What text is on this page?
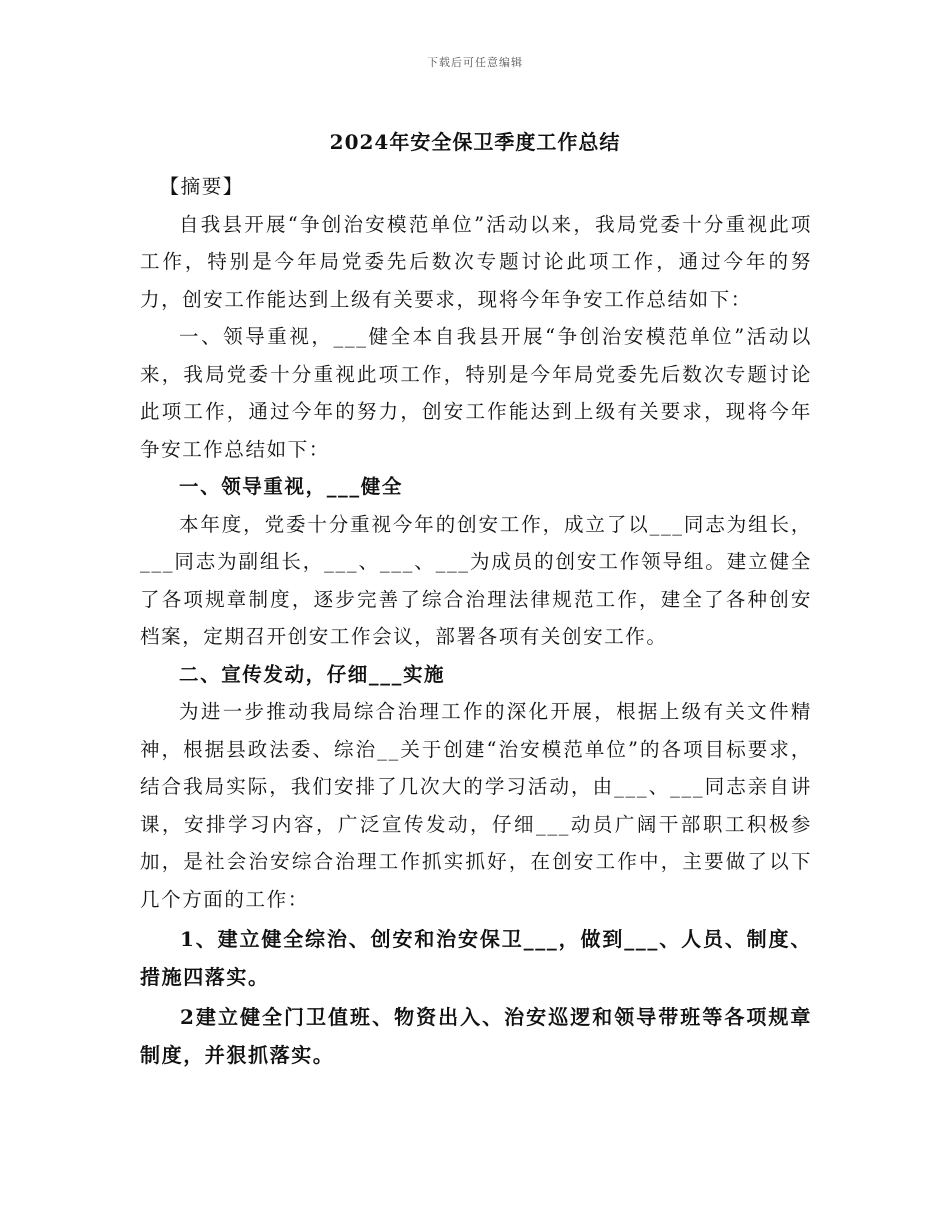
下载后可任意编辑
2024年安全保卫季度工作总结

【摘要】

自我县开展“争创治安模范单位”活动以来，我局党委十分重视此项工作，特别是今年局党委先后数次专题讨论此项工作，通过今年的努力，创安工作能达到上级有关要求，现将今年争安工作总结如下：

一、领导重视，___健全本自我县开展“争创治安模范单位”活动以来，我局党委十分重视此项工作，特别是今年局党委先后数次专题讨论此项工作，通过今年的努力，创安工作能达到上级有关要求，现将今年争安工作总结如下：

一、领导重视，___健全

本年度，党委十分重视今年的创安工作，成立了以___同志为组长，___同志为副组长，___、___、___为成员的创安工作领导组。建立健全了各项规章制度，逐步完善了综合治理法律规范工作，建全了各种创安档案，定期召开创安工作会议，部署各项有关创安工作。

二、宣传发动，仔细___实施

为进一步推动我局综合治理工作的深化开展，根据上级有关文件精神，根据县政法委、综治__关于创建“治安模范单位”的各项目标要求，结合我局实际，我们安排了几次大的学习活动，由___、___同志亲自讲课，安排学习内容，广泛宣传发动，仔细___动员广阔干部职工积极参加，是社会治安综合治理工作抓实抓好，在创安工作中，主要做了以下几个方面的工作：

1、建立健全综治、创安和治安保卫___，做到___、人员、制度、措施四落实。

2建立健全门卫值班、物资出入、治安巡逻和领导带班等各项规章制度，并狠抓落实。
